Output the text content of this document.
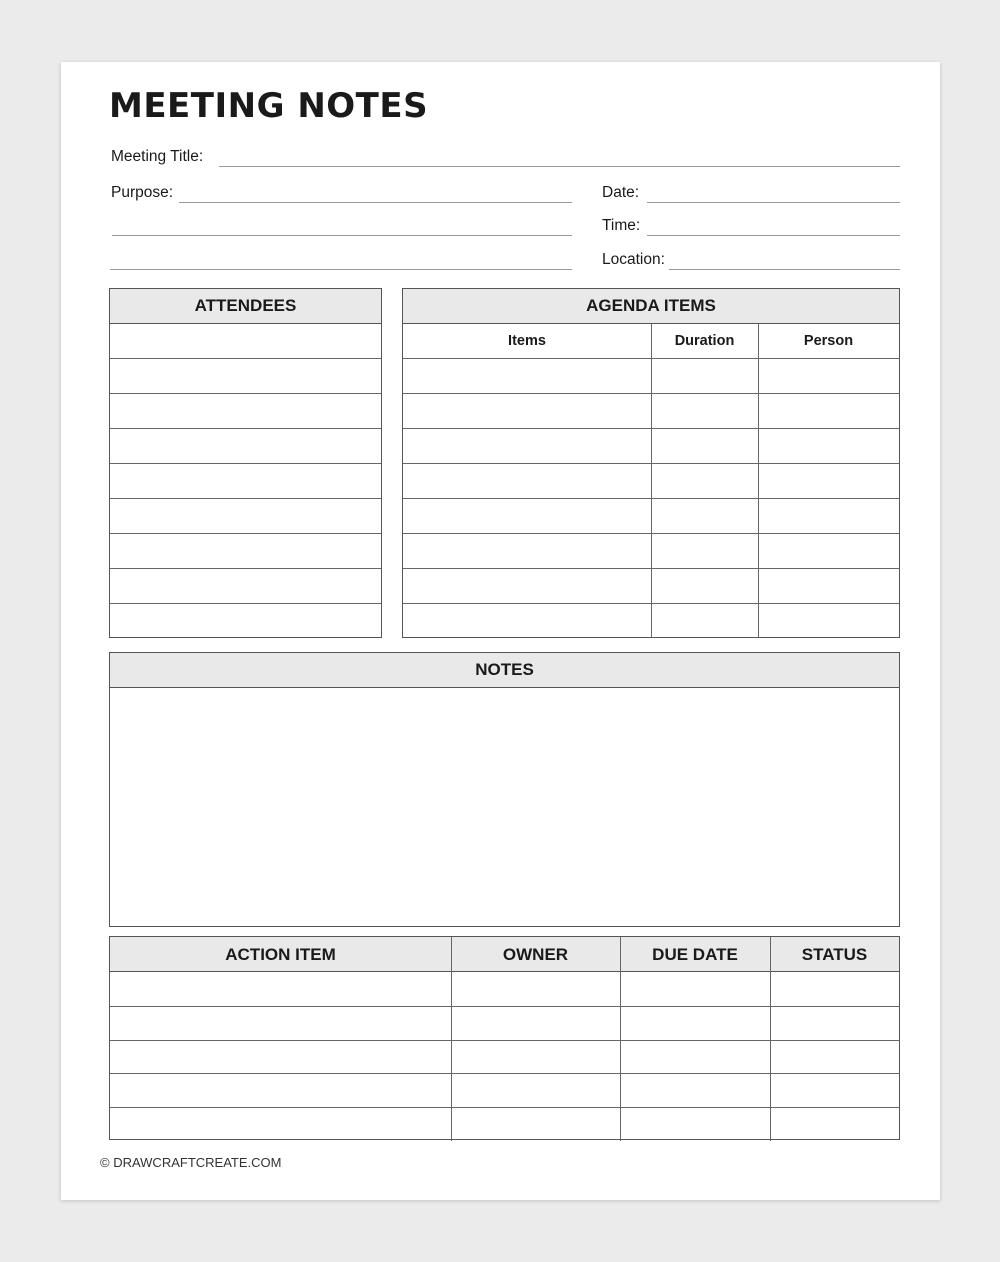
MEETING NOTES
Meeting Title:
Purpose:	Date:
Time:
Location:
ATTENDEES	AGENDA ITEMS
Items	Duration	Person
NOTES
ACTION ITEM	OWNER	DUE DATE	STATUS
© DRAWCRAFTCREATE.COM
